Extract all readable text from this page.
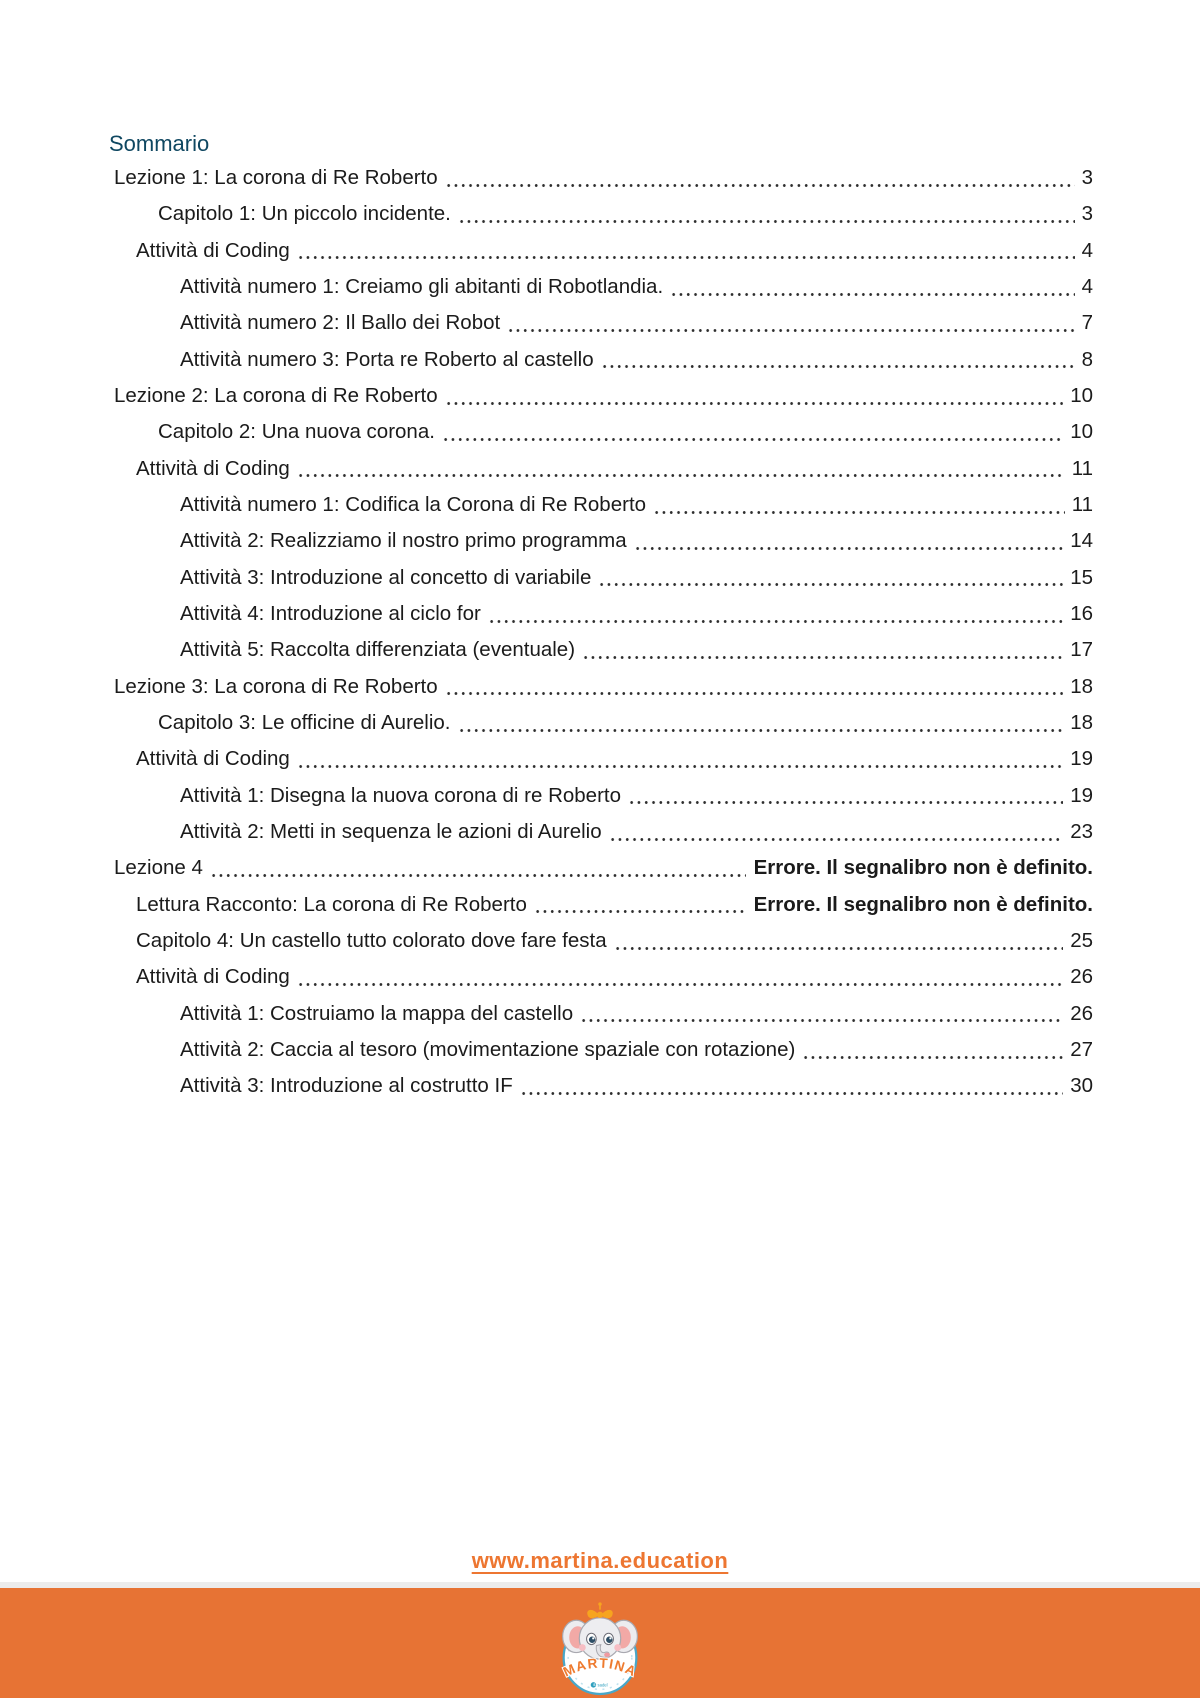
Sommario
Lezione 1: La corona di Re Roberto	3
Capitolo 1: Un piccolo incidente.	3
Attività di Coding	4
Attività numero 1: Creiamo gli abitanti di Robotlandia.	4
Attività numero 2: Il Ballo dei Robot	7
Attività numero 3: Porta re Roberto al castello	8
Lezione 2: La corona di Re Roberto	10
Capitolo 2: Una nuova corona.	10
Attività di Coding	11
Attività numero 1: Codifica la Corona di Re Roberto	11
Attività 2: Realizziamo il nostro primo programma	14
Attività 3: Introduzione al concetto di variabile	15
Attività 4: Introduzione al ciclo for	16
Attività 5: Raccolta differenziata (eventuale)	17
Lezione 3: La corona di Re Roberto	18
Capitolo 3: Le officine di Aurelio.	18
Attività di Coding	19
Attività 1: Disegna la nuova corona di re Roberto	19
Attività 2: Metti in sequenza le azioni di Aurelio	23
Lezione 4	Errore. Il segnalibro non è definito.
Lettura Racconto: La corona di Re Roberto	Errore. Il segnalibro non è definito.
Capitolo 4: Un castello tutto colorato dove fare festa	25
Attività di Coding	26
Attività 1: Costruiamo la mappa del castello	26
Attività 2: Caccia al tesoro (movimentazione spaziale con rotazione)	27
Attività 3: Introduzione al costrutto IF	30
www.martina.education
MARTINA
S sadel
